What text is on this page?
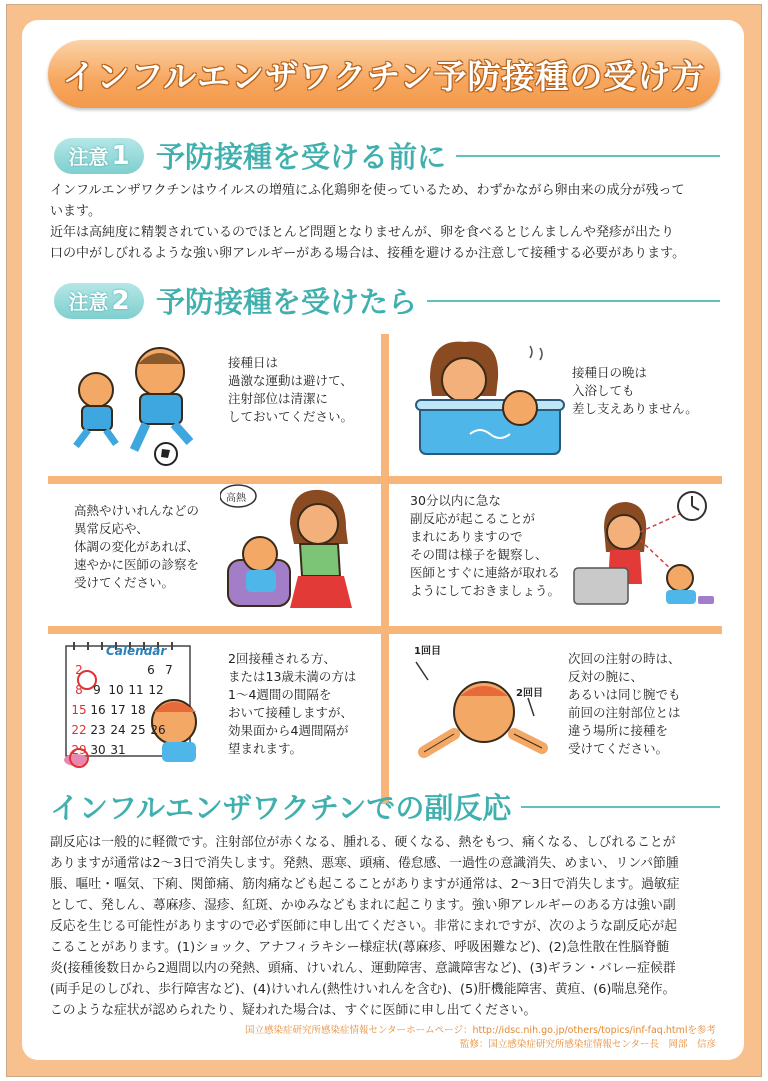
インフルエンザワクチン予防接種の受け方
注意 1 予防接種を受ける前に
インフルエンザワクチンはウイルスの増殖にふ化鶏卵を使っているため、わずかながら卵由来の成分が残って
います。
近年は高純度に精製されているのでほとんど問題となりませんが、卵を食べるとじんましんや発疹が出たり
口の中がしびれるような強い卵アレルギーがある場合は、接種を避けるか注意して接種する必要があります。
注意 2 予防接種を受けたら
接種日は
過激な運動は避けて、
注射部位は清潔に
しておいてください。
接種日の晩は
入浴しても
差し支えありません。
高熱やけいれんなどの
異常反応や、
体調の変化があれば、
速やかに医師の診察を
受けてください。
高熱	30分以内に急な
副反応が起こることが
まれにありますので
その間は様子を観察し、
医師とすぐに連絡が取れる
ようにしておきましょう。
Calendar
2	6 7
8 9 10 11 12
15 16 17 18
22 23 24 25 26
29 30 31
2回接種される方、
または13歳未満の方は
1～4週間の間隔を
おいて接種しますが、
効果面から4週間隔が
望まれます。
1回目
2回目
次回の注射の時は、
反対の腕に、
あるいは同じ腕でも
前回の注射部位とは
違う場所に接種を
受けてください。
インフルエンザワクチンでの副反応
副反応は一般的に軽微です。注射部位が赤くなる、腫れる、硬くなる、熱をもつ、痛くなる、しびれることが
ありますが通常は2～3日で消失します。発熱、悪寒、頭痛、倦怠感、一過性の意識消失、めまい、リンパ節腫
脹、嘔吐・嘔気、下痢、関節痛、筋肉痛なども起こることがありますが通常は、2～3日で消失します。過敏症
として、発しん、蕁麻疹、湿疹、紅斑、かゆみなどもまれに起こります。強い卵アレルギーのある方は強い副
反応を生じる可能性がありますので必ず医師に申し出てください。非常にまれですが、次のような副反応が起
こることがあります。(1)ショック、アナフィラキシー様症状(蕁麻疹、呼吸困難など)、(2)急性散在性脳脊髄
炎(接種後数日から2週間以内の発熱、頭痛、けいれん、運動障害、意識障害など)、(3)ギラン・バレー症候群
(両手足のしびれ、歩行障害など)、(4)けいれん(熱性けいれんを含む)、(5)肝機能障害、黄疸、(6)喘息発作。
このような症状が認められたり、疑われた場合は、すぐに医師に申し出てください。
国立感染症研究所感染症情報センターホームページ：http://idsc.nih.go.jp/others/topics/inf-faq.htmlを参考
監修：国立感染症研究所感染症情報センター長　岡部　信彦
